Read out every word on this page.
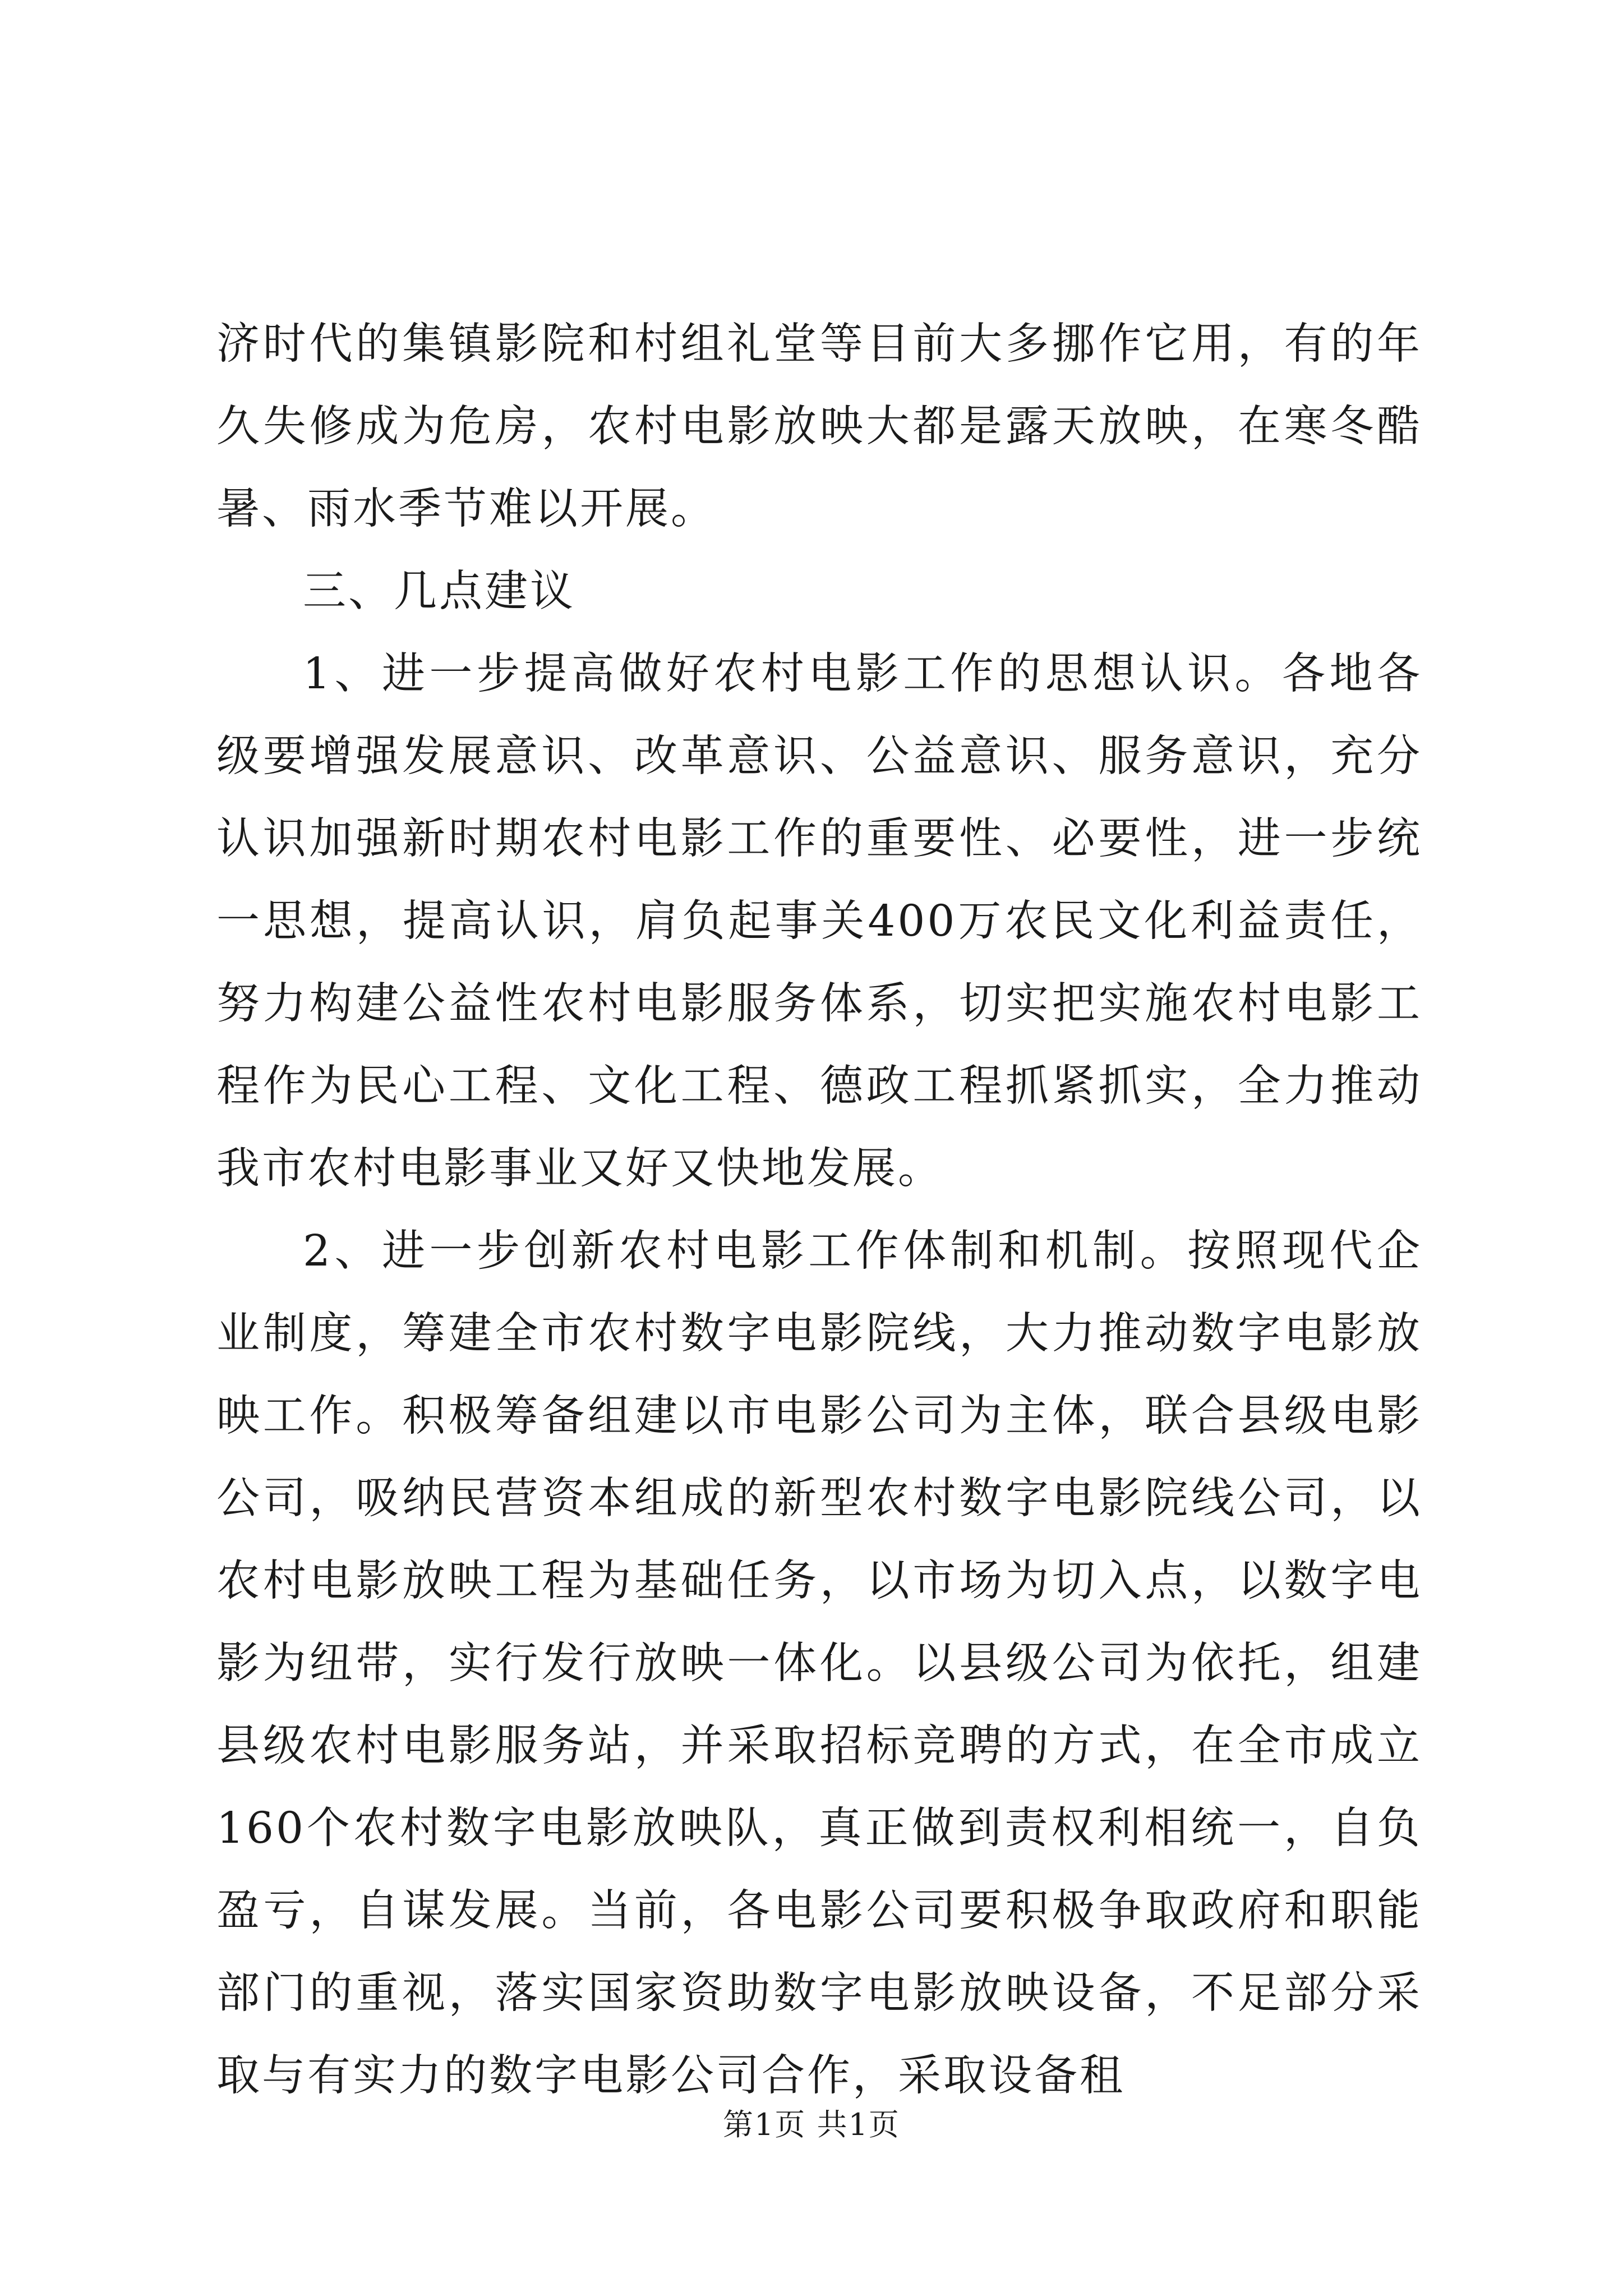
济时代的集镇影院和村组礼堂等目前大多挪作它用，有的年久失修成为危房，农村电影放映大都是露天放映，在寒冬酷暑、雨水季节难以开展。

三、几点建议

1、进一步提高做好农村电影工作的思想认识。各地各级要增强发展意识、改革意识、公益意识、服务意识，充分认识加强新时期农村电影工作的重要性、必要性，进一步统一思想，提高认识，肩负起事关400万农民文化利益责任，努力构建公益性农村电影服务体系，切实把实施农村电影工程作为民心工程、文化工程、德政工程抓紧抓实，全力推动我市农村电影事业又好又快地发展。

2、进一步创新农村电影工作体制和机制。按照现代企业制度，筹建全市农村数字电影院线，大力推动数字电影放映工作。积极筹备组建以市电影公司为主体，联合县级电影公司，吸纳民营资本组成的新型农村数字电影院线公司，以农村电影放映工程为基础任务，以市场为切入点，以数字电影为纽带，实行发行放映一体化。以县级公司为依托，组建县级农村电影服务站，并采取招标竞聘的方式，在全市成立160个农村数字电影放映队，真正做到责权利相统一，自负盈亏，自谋发展。当前，各电影公司要积极争取政府和职能部门的重视，落实国家资助数字电影放映设备，不足部分采取与有实力的数字电影公司合作，采取设备租

第1页 共1页
